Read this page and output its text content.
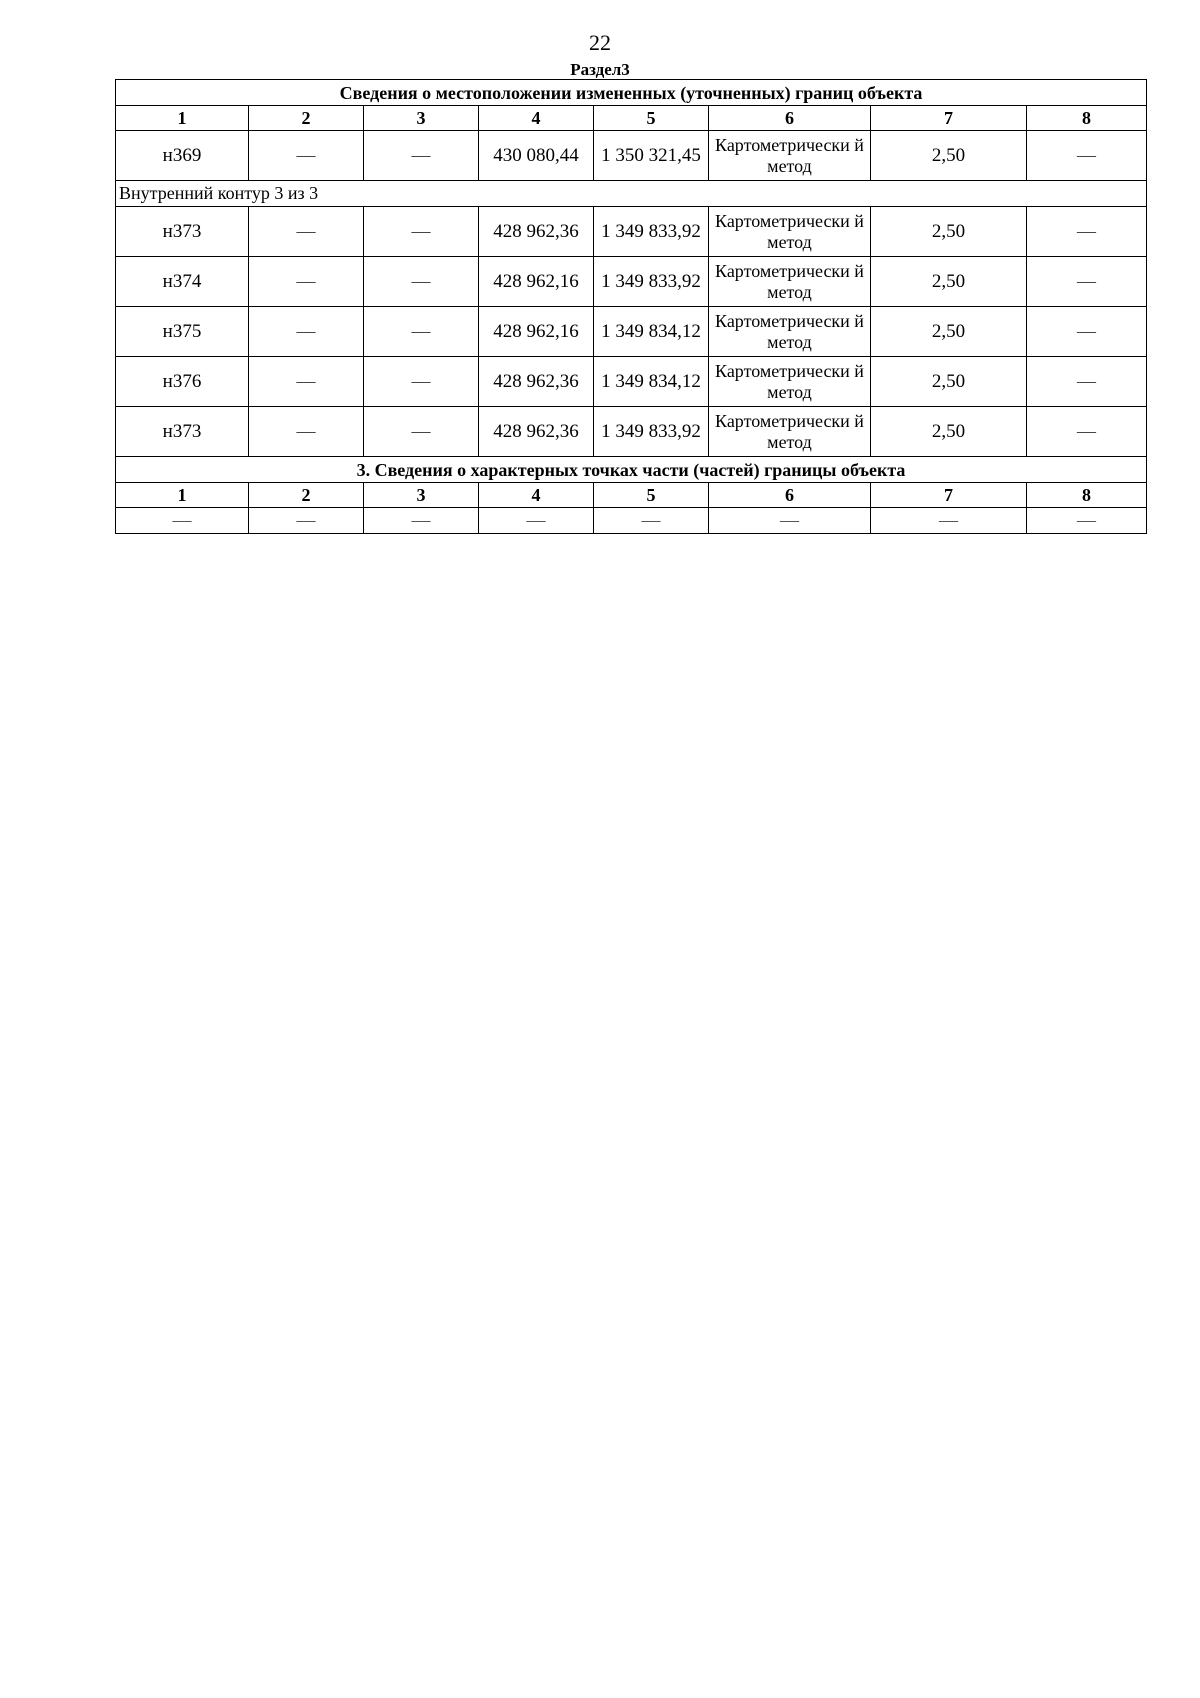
22
Раздел3
Сведения о местоположении измененных (уточненных) границ объекта							
1	2	3	4	5	6	7	8
н369	—	—	430 080,44	1 350 321,45	Картометрически й метод	2,50	—
Внутренний контур 3 из 3							
н373	—	—	428 962,36	1 349 833,92	Картометрически й метод	2,50	—
н374	—	—	428 962,16	1 349 833,92	Картометрически й метод	2,50	—
н375	—	—	428 962,16	1 349 834,12	Картометрически й метод	2,50	—
н376	—	—	428 962,36	1 349 834,12	Картометрически й метод	2,50	—
н373	—	—	428 962,36	1 349 833,92	Картометрически й метод	2,50	—
3. Сведения о характерных точках части (частей) границы объекта							
1	2	3	4	5	6	7	8
—	—	—	—	—	—	—	—
